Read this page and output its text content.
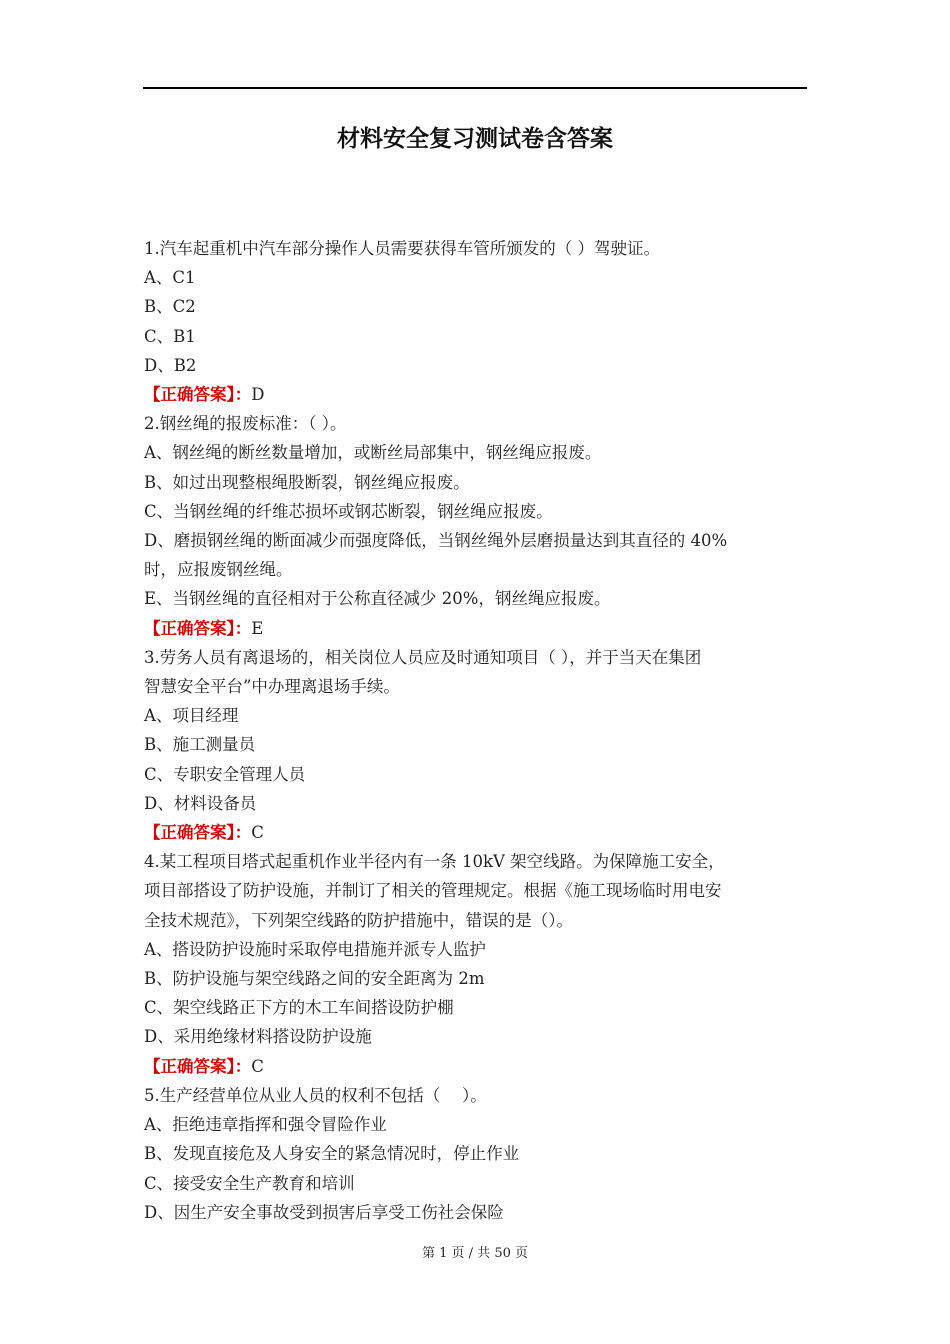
材料安全复习测试卷含答案

1.汽车起重机中汽车部分操作人员需要获得车管所颁发的（ ）驾驶证。

A、C1

B、C2

C、B1

D、B2

【正确答案】：D

2.钢丝绳的报废标准：（ ）。

A、钢丝绳的断丝数量增加，或断丝局部集中，钢丝绳应报废。

B、如过出现整根绳股断裂，钢丝绳应报废。

C、当钢丝绳的纤维芯损坏或钢芯断裂，钢丝绳应报废。

D、磨损钢丝绳的断面减少而强度降低，当钢丝绳外层磨损量达到其直径的 40%

时，应报废钢丝绳。

E、当钢丝绳的直径相对于公称直径减少 20%，钢丝绳应报废。

【正确答案】：E

3.劳务人员有离退场的，相关岗位人员应及时通知项目（ ），并于当天在集团

智慧安全平台”中办理离退场手续。

A、项目经理

B、施工测量员

C、专职安全管理人员

D、材料设备员

【正确答案】：C

4.某工程项目塔式起重机作业半径内有一条 10kV 架空线路。为保障施工安全，

项目部搭设了防护设施，并制订了相关的管理规定。根据《施工现场临时用电安

全技术规范》，下列架空线路的防护措施中，错误的是（）。

A、搭设防护设施时采取停电措施并派专人监护

B、防护设施与架空线路之间的安全距离为 2m

C、架空线路正下方的木工车间搭设防护棚

D、采用绝缘材料搭设防护设施

【正确答案】：C

5.生产经营单位从业人员的权利不包括（　 ）。

A、拒绝违章指挥和强令冒险作业

B、发现直接危及人身安全的紧急情况时，停止作业

C、接受安全生产教育和培训

D、因生产安全事故受到损害后享受工伤社会保险

第 1 页 / 共 50 页
